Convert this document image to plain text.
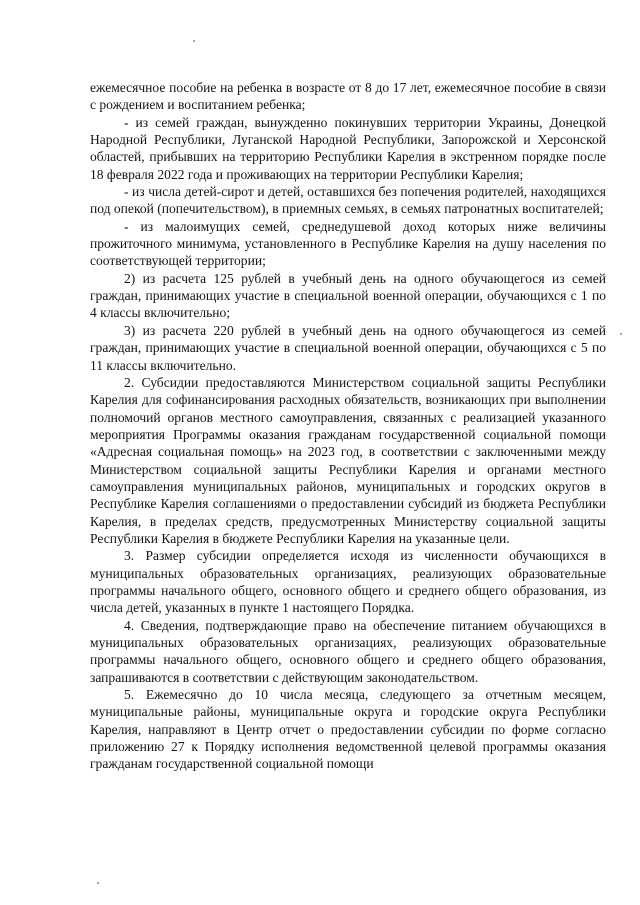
ежемесячное пособие на ребенка в возрасте от 8 до 17 лет, ежемесячное пособие в связи с рождением и воспитанием ребенка;

- из семей граждан, вынужденно покинувших территории Украины, Донецкой Народной Республики, Луганской Народной Республики, Запорожской и Херсонской областей, прибывших на территорию Республики Карелия в экстренном порядке после 18 февраля 2022 года и проживающих на территории Республики Карелия;

- из числа детей-сирот и детей, оставшихся без попечения родителей, находящихся под опекой (попечительством), в приемных семьях, в семьях патронатных воспитателей;

- из малоимущих семей, среднедушевой доход которых ниже величины прожиточного минимума, установленного в Республике Карелия на душу населения по соответствующей территории;

2) из расчета 125 рублей в учебный день на одного обучающегося из семей граждан, принимающих участие в специальной военной операции, обучающихся с 1 по 4 классы включительно;

3) из расчета 220 рублей в учебный день на одного обучающегося из семей граждан, принимающих участие в специальной военной операции, обучающихся с 5 по 11 классы включительно.

2. Субсидии предоставляются Министерством социальной защиты Республики Карелия для софинансирования расходных обязательств, возникающих при выполнении полномочий органов местного самоуправления, связанных с реализацией указанного мероприятия Программы оказания гражданам государственной социальной помощи «Адресная социальная помощь» на 2023 год, в соответствии с заключенными между Министерством социальной защиты Республики Карелия и органами местного самоуправления муниципальных районов, муниципальных и городских округов в Республике Карелия соглашениями о предоставлении субсидий из бюджета Республики Карелия, в пределах средств, предусмотренных Министерству социальной защиты Республики Карелия в бюджете Республики Карелия на указанные цели.

3. Размер субсидии определяется исходя из численности обучающихся в муниципальных образовательных организациях, реализующих образовательные программы начального общего, основного общего и среднего общего образования, из числа детей, указанных в пункте 1 настоящего Порядка.

4. Сведения, подтверждающие право на обеспечение питанием обучающихся в муниципальных образовательных организациях, реализующих образовательные программы начального общего, основного общего и среднего общего образования, запрашиваются в соответствии с действующим законодательством.

5. Ежемесячно до 10 числа месяца, следующего за отчетным месяцем, муниципальные районы, муниципальные округа и городские округа Республики Карелия, направляют в Центр отчет о предоставлении субсидии по форме согласно приложению 27 к Порядку исполнения ведомственной целевой программы оказания гражданам государственной социальной помощи
